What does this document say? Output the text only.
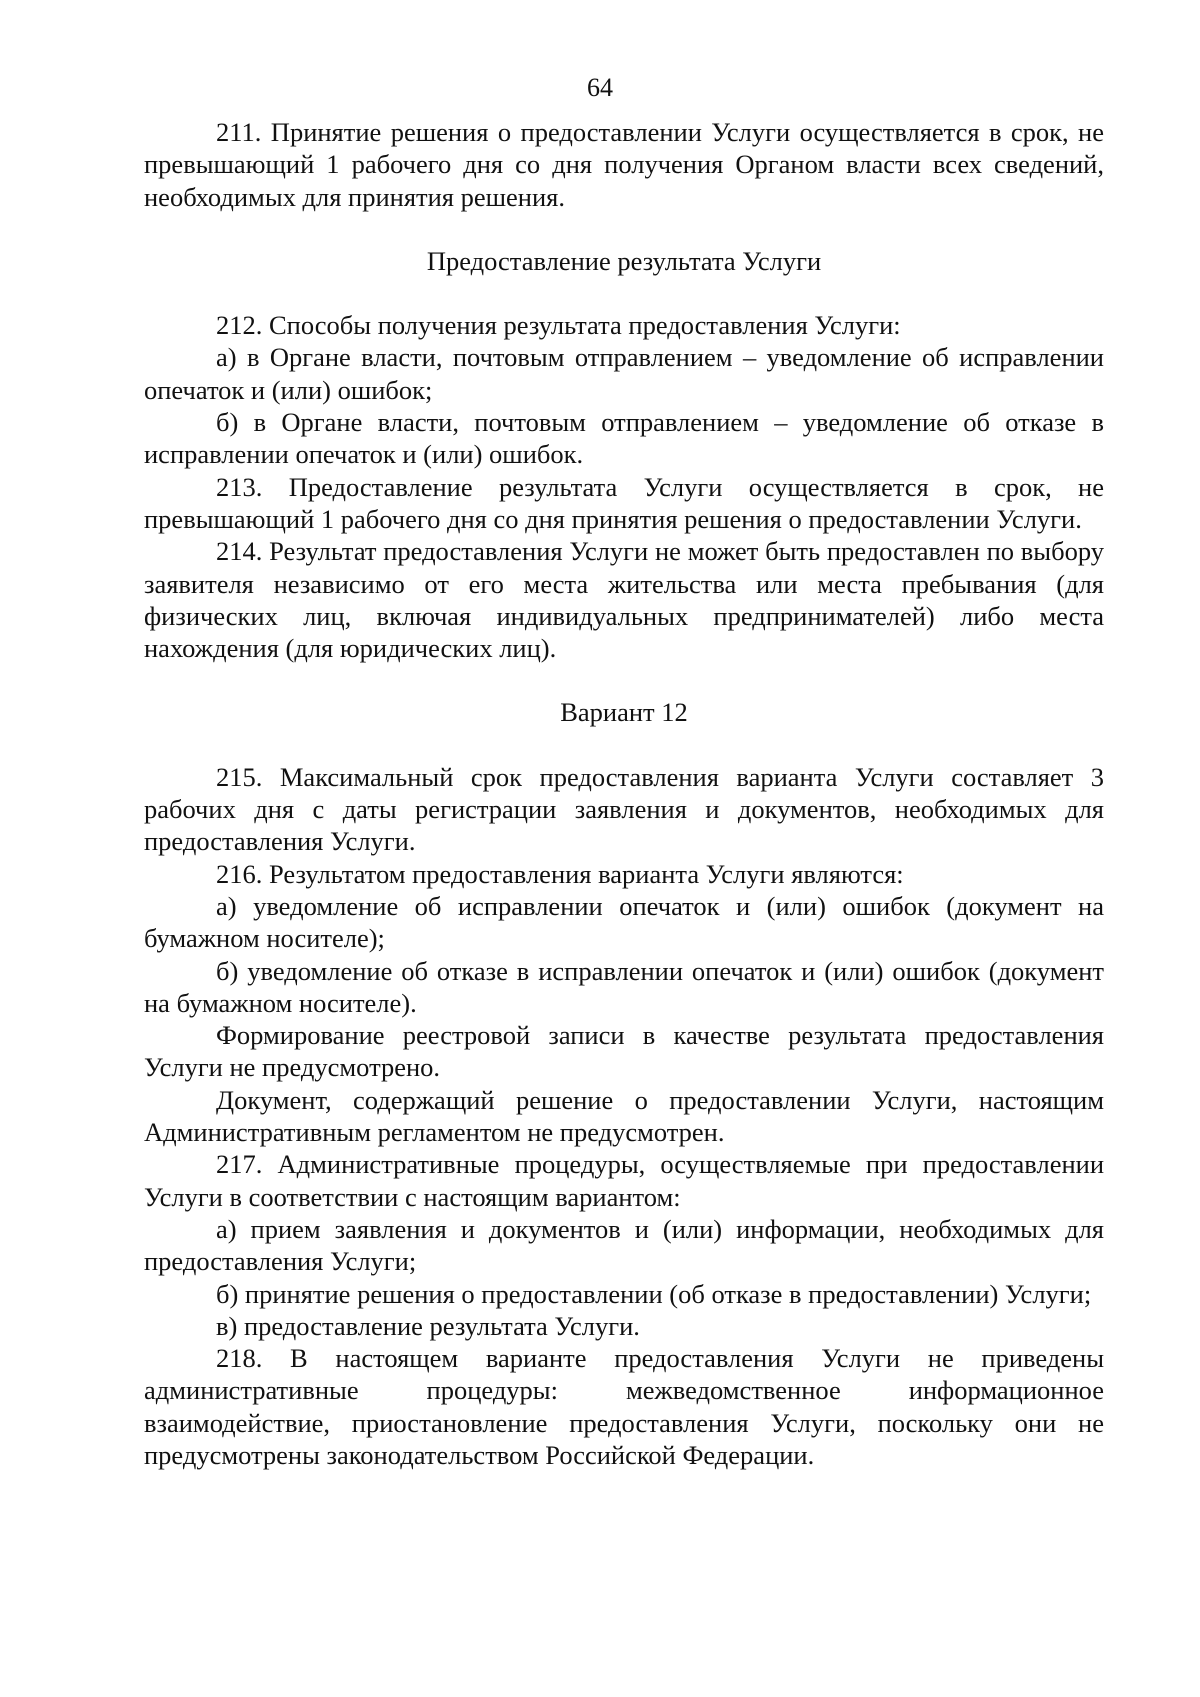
64

211. Принятие решения о предоставлении Услуги осуществляется в срок, не превышающий 1 рабочего дня со дня получения Органом власти всех сведений, необходимых для принятия решения.

Предоставление результата Услуги

212. Способы получения результата предоставления Услуги:

а) в Органе власти, почтовым отправлением – уведомление об исправлении опечаток и (или) ошибок;

б) в Органе власти, почтовым отправлением – уведомление об отказе в исправлении опечаток и (или) ошибок.

213. Предоставление результата Услуги осуществляется в срок, не превышающий 1 рабочего дня со дня принятия решения о предоставлении Услуги.

214. Результат предоставления Услуги не может быть предоставлен по выбору заявителя независимо от его места жительства или места пребывания (для физических лиц, включая индивидуальных предпринимателей) либо места нахождения (для юридических лиц).

Вариант 12

215. Максимальный срок предоставления варианта Услуги составляет 3 рабочих дня с даты регистрации заявления и документов, необходимых для предоставления Услуги.

216. Результатом предоставления варианта Услуги являются:

а) уведомление об исправлении опечаток и (или) ошибок (документ на бумажном носителе);

б) уведомление об отказе в исправлении опечаток и (или) ошибок (документ на бумажном носителе).

Формирование реестровой записи в качестве результата предоставления Услуги не предусмотрено.

Документ, содержащий решение о предоставлении Услуги, настоящим Административным регламентом не предусмотрен.

217. Административные процедуры, осуществляемые при предоставлении Услуги в соответствии с настоящим вариантом:

а) прием заявления и документов и (или) информации, необходимых для предоставления Услуги;

б) принятие решения о предоставлении (об отказе в предоставлении) Услуги;

в) предоставление результата Услуги.

218. В настоящем варианте предоставления Услуги не приведены административные процедуры: межведомственное информационное взаимодействие, приостановление предоставления Услуги, поскольку они не предусмотрены законодательством Российской Федерации.
